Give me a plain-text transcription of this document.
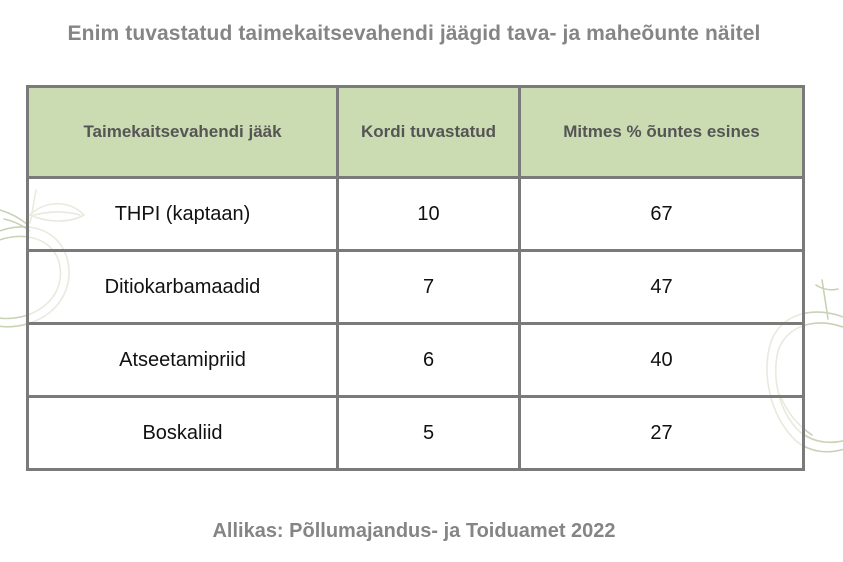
Enim tuvastatud taimekaitsevahendi jäägid tava- ja maheõunte näitel
Taimekaitsevahendi jääk	Kordi tuvastatud	Mitmes % õuntes esines
THPI (kaptaan)	10	67
Ditiokarbamaadid	7	47
Atseetamipriid	6	40
Boskaliid	5	27
Allikas: Põllumajandus- ja Toiduamet 2022
